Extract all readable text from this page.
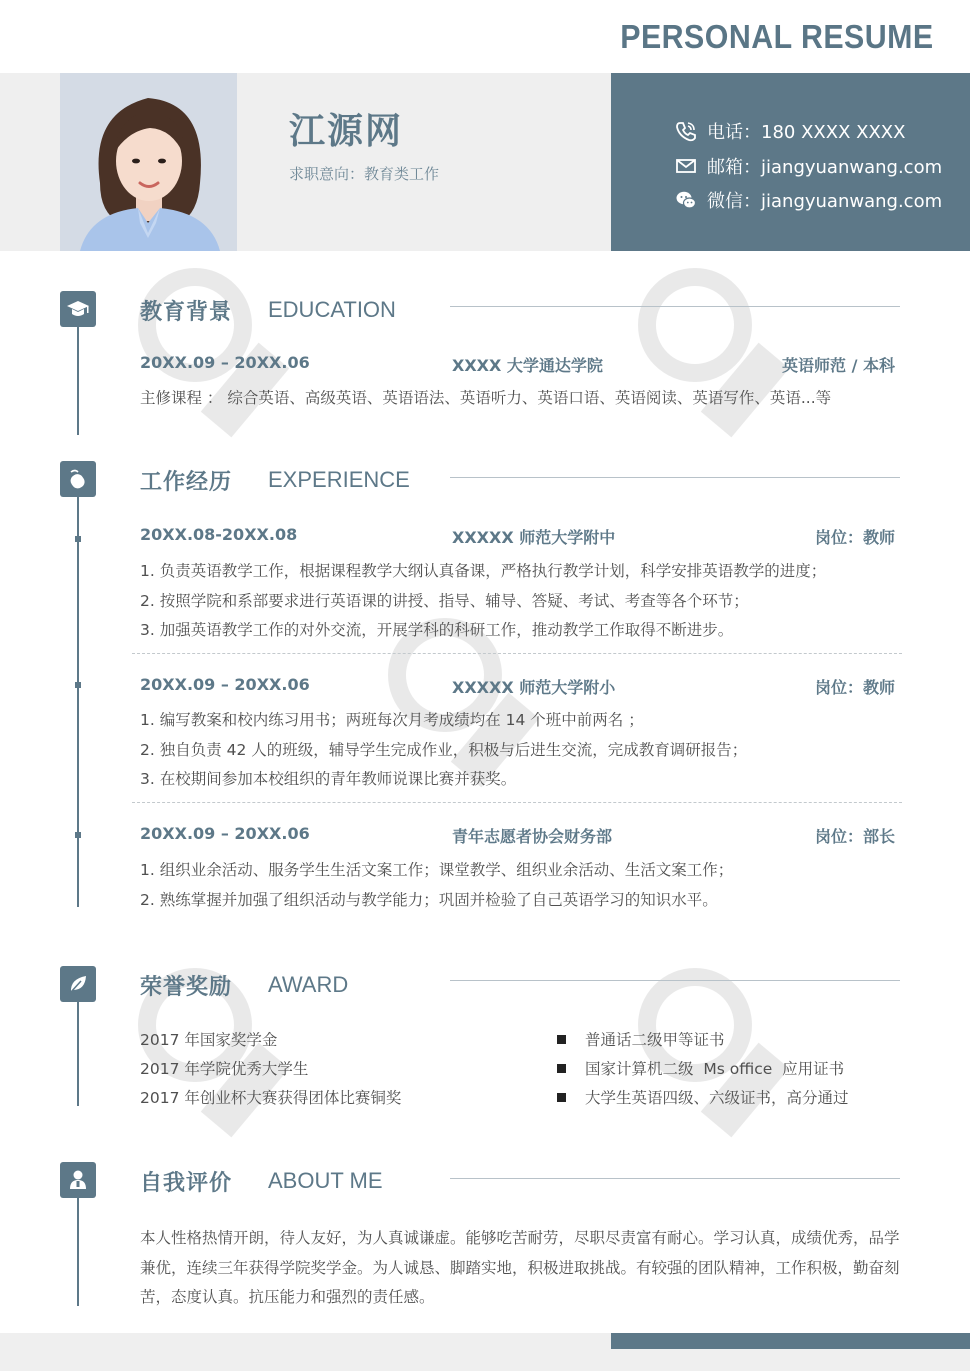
PERSONAL RESUME
江源网
求职意向：教育类工作
电话：180 XXXX XXXX
邮箱：jiangyuanwang.com
微信：jiangyuanwang.com
教育背景 EDUCATION
20XX.09 – 20XX.06	XXXX 大学通达学院	英语师范 / 本科
主修课程 ： 综合英语、高级英语、英语语法、英语听力、英语口语、英语阅读、英语写作、英语...等
工作经历 EXPERIENCE
20XX.08-20XX.08	XXXXX 师范大学附中	岗位：教师
1. 负责英语教学工作，根据课程教学大纲认真备课，严格执行教学计划，科学安排英语教学的进度；
2. 按照学院和系部要求进行英语课的讲授、指导、辅导、答疑、考试、考查等各个环节；
3. 加强英语教学工作的对外交流，开展学科的科研工作，推动教学工作取得不断进步。
20XX.09 – 20XX.06	XXXXX 师范大学附小	岗位：教师
1. 编写教案和校内练习用书；两班每次月考成绩均在 14 个班中前两名 ；
2. 独自负责 42 人的班级，辅导学生完成作业，积极与后进生交流，完成教育调研报告；
3. 在校期间参加本校组织的青年教师说课比赛并获奖。
20XX.09 – 20XX.06	青年志愿者协会财务部	岗位：部长
1. 组织业余活动、服务学生生活文案工作；课堂教学、组织业余活动、生活文案工作；
2. 熟练掌握并加强了组织活动与教学能力；巩固并检验了自己英语学习的知识水平。
荣誉奖励 AWARD
2017 年国家奖学金
2017 年学院优秀大学生
2017 年创业杯大赛获得团体比赛铜奖
普通话二级甲等证书
国家计算机二级  Ms office  应用证书
大学生英语四级、六级证书，高分通过
自我评价 ABOUT ME
本人性格热情开朗，待人友好，为人真诚谦虚。能够吃苦耐劳，尽职尽责富有耐心。学习认真，成绩优秀，品学兼优，连续三年获得学院奖学金。为人诚恳、脚踏实地，积极进取挑战。有较强的团队精神，工作积极，勤奋刻苦，态度认真。抗压能力和强烈的责任感。
